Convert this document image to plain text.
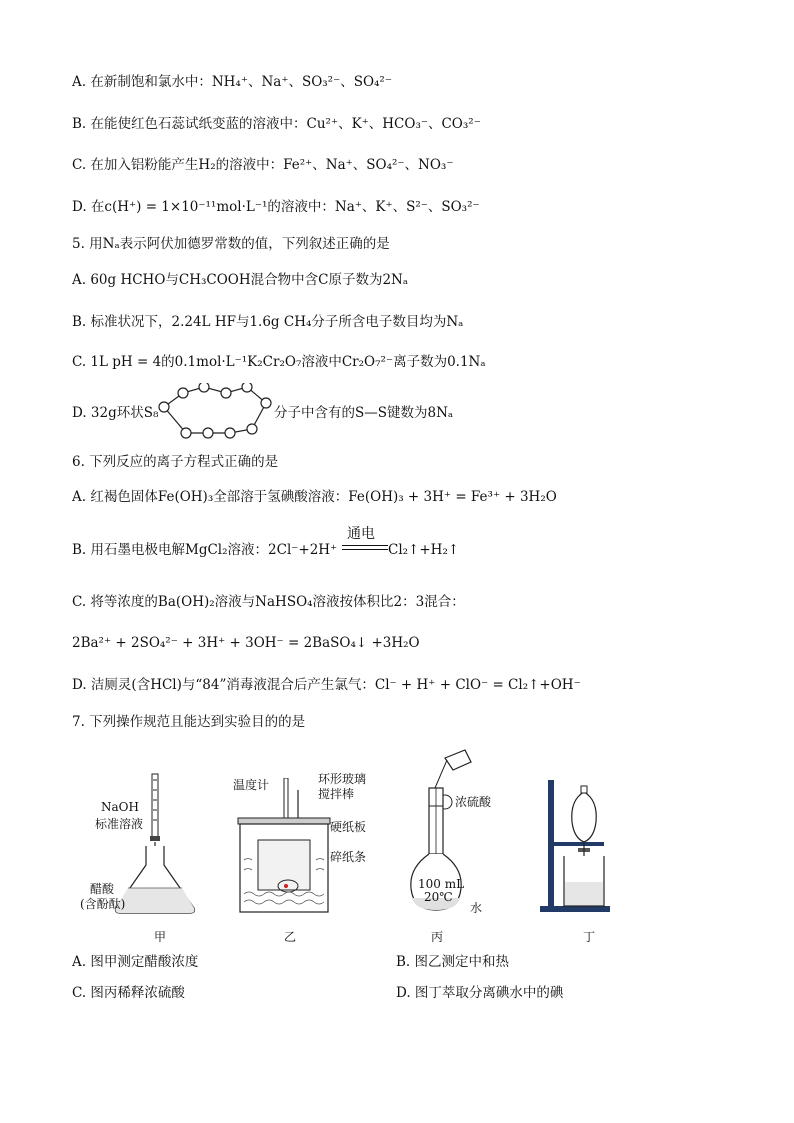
A. 在新制饱和氯水中：NH₄⁺、Na⁺、SO₃²⁻、SO₄²⁻
B. 在能使红色石蕊试纸变蓝的溶液中：Cu²⁺、K⁺、HCO₃⁻、CO₃²⁻
C. 在加入铝粉能产生H₂的溶液中：Fe²⁺、Na⁺、SO₄²⁻、NO₃⁻
D. 在c(H⁺) = 1×10⁻¹¹mol·L⁻¹的溶液中：Na⁺、K⁺、S²⁻、SO₃²⁻
5. 用Nₐ表示阿伏加德罗常数的值，下列叙述正确的是
A. 60g HCHO与CH₃COOH混合物中含C原子数为2Nₐ
B. 标准状况下，2.24L HF与1.6g CH₄分子所含电子数目均为Nₐ
C. 1L pH = 4的0.1mol·L⁻¹K₂Cr₂O₇溶液中Cr₂O₇²⁻离子数为0.1Nₐ
D. 32g环状S₈	分子中含有的S—S键数为8Nₐ
6. 下列反应的离子方程式正确的是
A. 红褐色固体Fe(OH)₃全部溶于氢碘酸溶液：Fe(OH)₃ + 3H⁺ = Fe³⁺ + 3H₂O
B. 用石墨电极电解MgCl₂溶液：2Cl⁻+2H⁺
通电
Cl₂↑+H₂↑
C. 将等浓度的Ba(OH)₂溶液与NaHSO₄溶液按体积比2：3混合：
2Ba²⁺ + 2SO₄²⁻ + 3H⁺ + 3OH⁻ = 2BaSO₄↓ +3H₂O
D. 洁厕灵(含HCl)与“84”消毒液混合后产生氯气：Cl⁻ + H⁺ + ClO⁻ = Cl₂↑+OH⁻
7. 下列操作规范且能达到实验目的的是
NaOH
标准溶液
醋酸
(含酚酞)
温度计	环形玻璃
搅拌棒
硬纸板
碎纸条
浓硫酸
100 mL
20℃
水
甲	乙	丙	丁
A. 图甲测定醋酸浓度	B. 图乙测定中和热
C. 图丙稀释浓硫酸	D. 图丁萃取分离碘水中的碘
